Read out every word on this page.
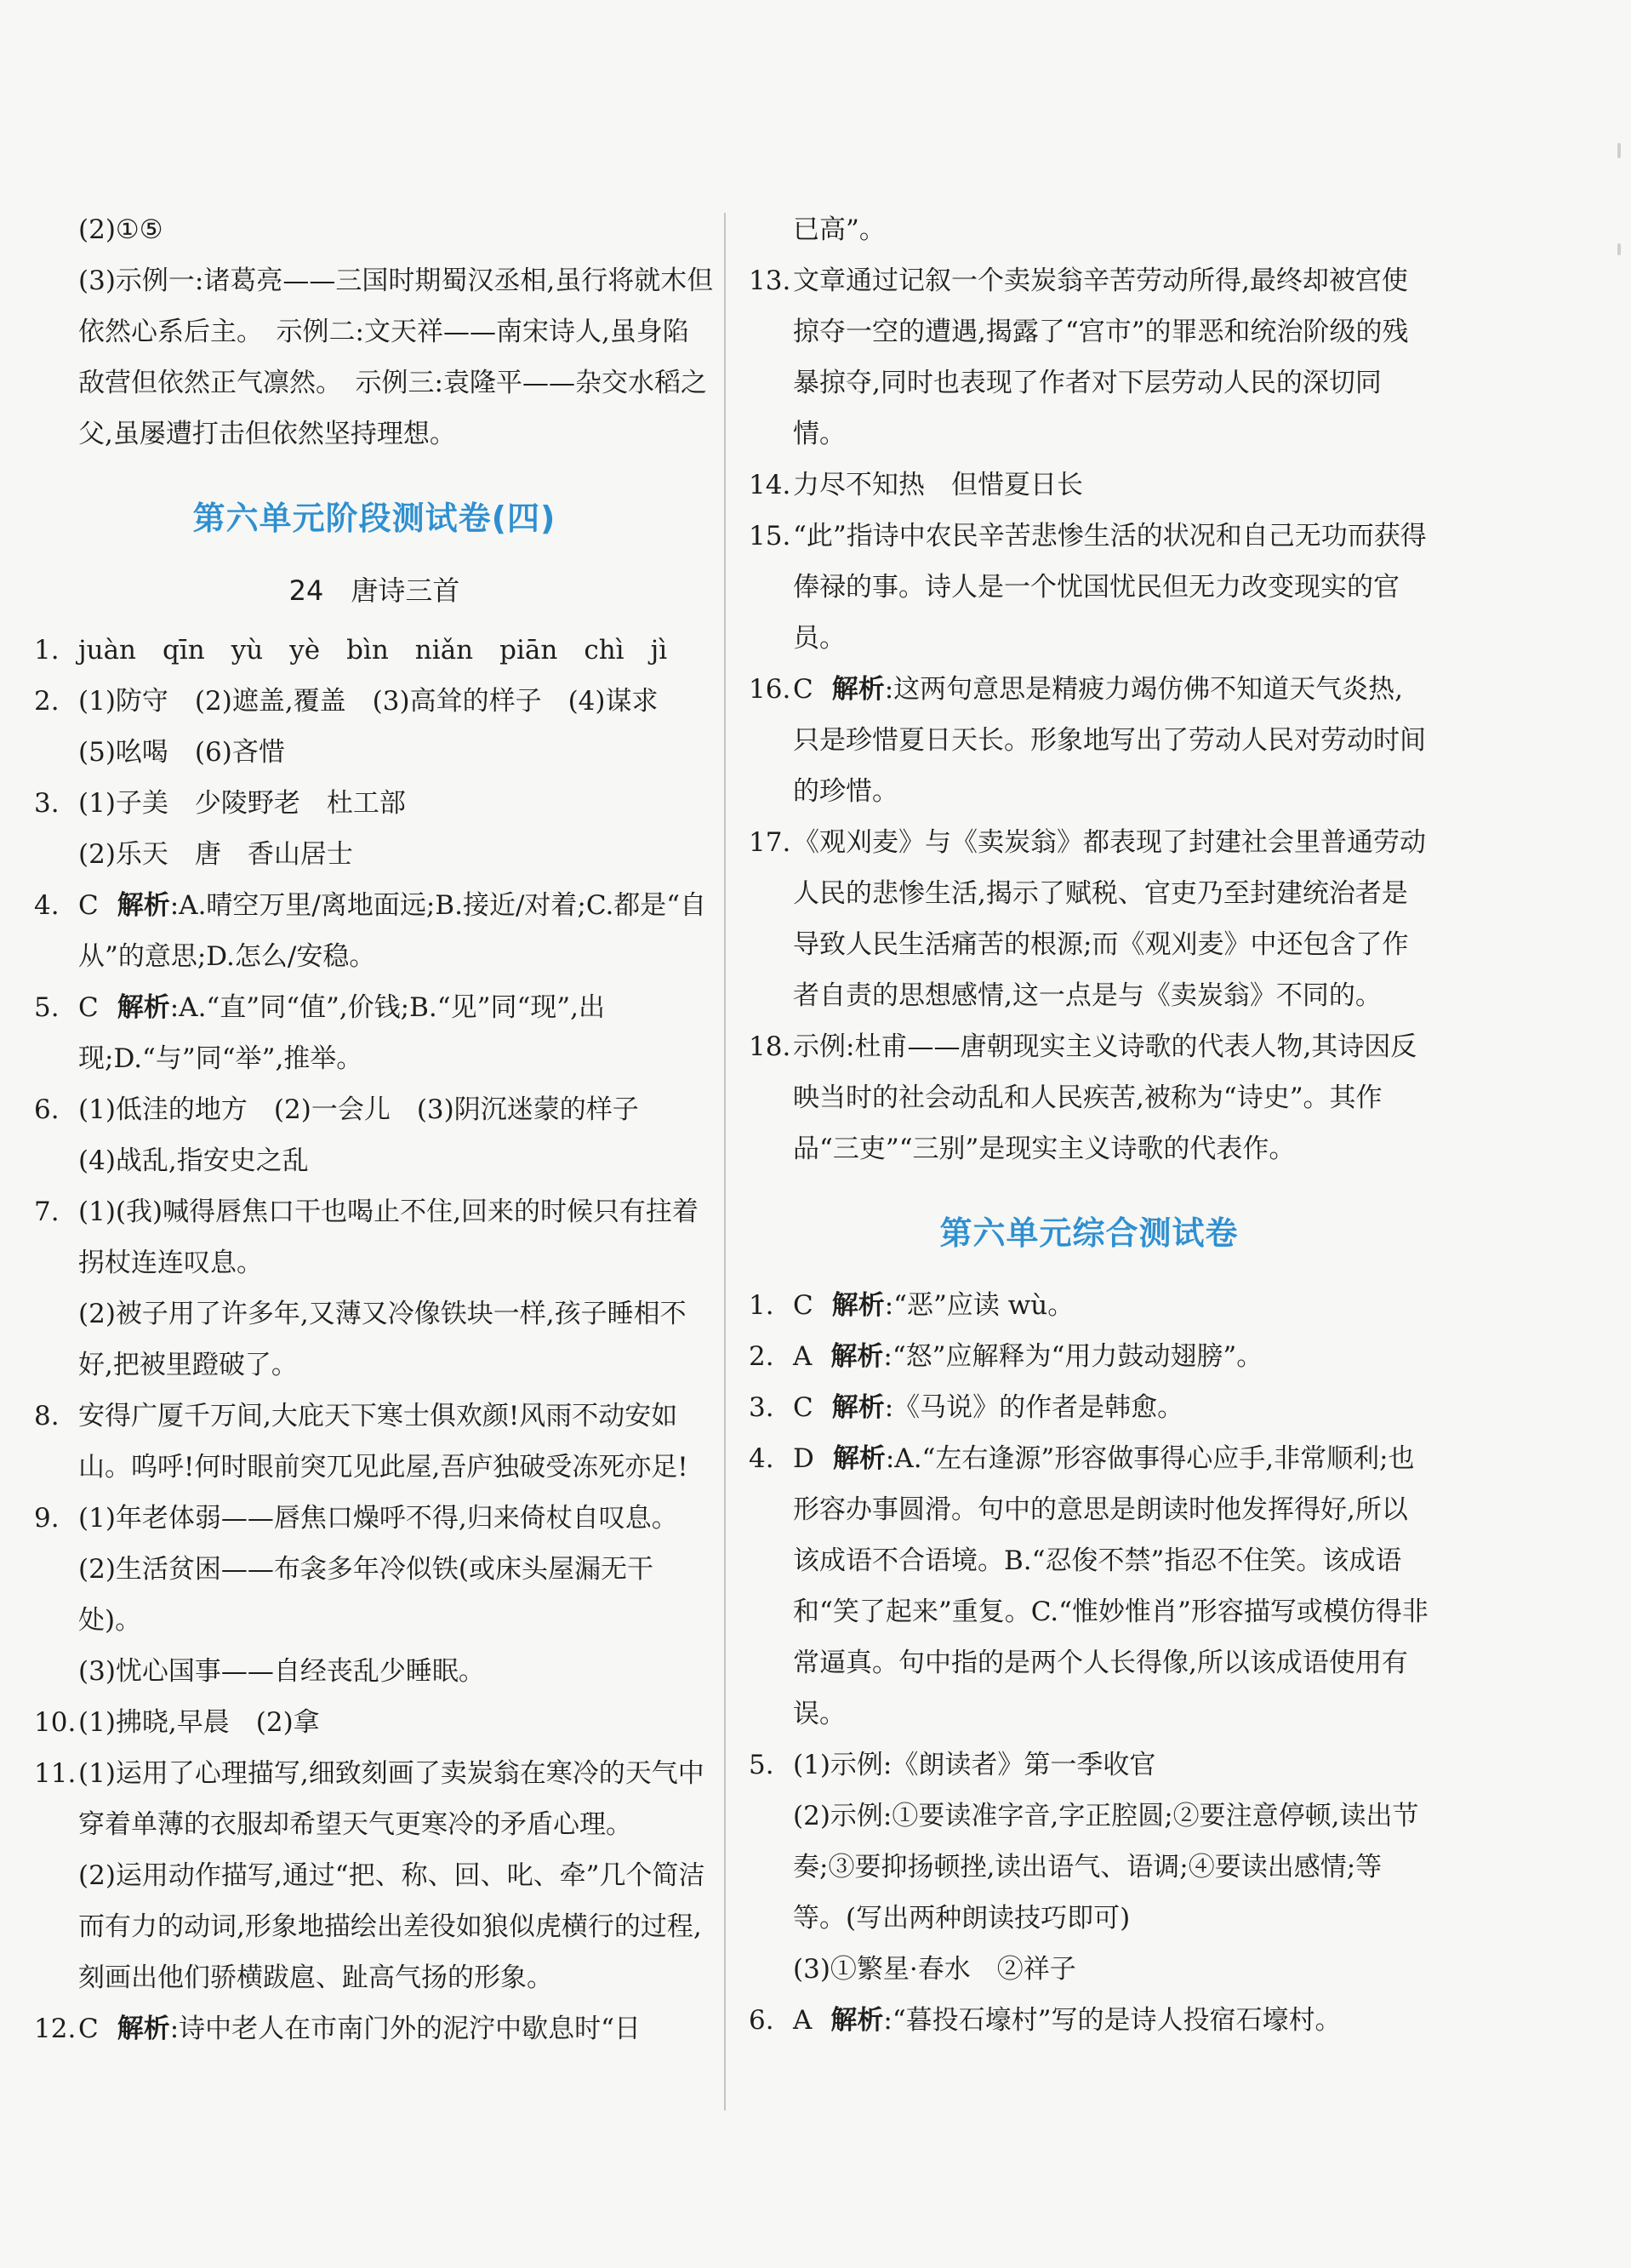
(2)①⑤
(3)示例一:诸葛亮——三国时期蜀汉丞相,虽行将就木但依然心系后主。　示例二:文天祥——南宋诗人,虽身陷敌营但依然正气凛然。　示例三:袁隆平——杂交水稻之父,虽屡遭打击但依然坚持理想。
第六单元阶段测试卷(四)
24　唐诗三首
1. juàn　qīn　yù　yè　bìn　niǎn　piān　chì　jì
2. (1)防守　(2)遮盖,覆盖　(3)高耸的样子　(4)谋求
(5)吆喝　(6)吝惜
3. (1)子美　少陵野老　杜工部
(2)乐天　唐　香山居士
4. C 解析:A.晴空万里/离地面远;B.接近/对着;C.都是“自从”的意思;D.怎么/安稳。
5. C 解析:A.“直”同“值”,价钱;B.“见”同“现”,出现;D.“与”同“举”,推举。
6. (1)低洼的地方　(2)一会儿　(3)阴沉迷蒙的样子
(4)战乱,指安史之乱
7. (1)(我)喊得唇焦口干也喝止不住,回来的时候只有拄着拐杖连连叹息。
(2)被子用了许多年,又薄又冷像铁块一样,孩子睡相不好,把被里蹬破了。
8. 安得广厦千万间,大庇天下寒士俱欢颜!风雨不动安如山。呜呼!何时眼前突兀见此屋,吾庐独破受冻死亦足!
9. (1)年老体弱——唇焦口燥呼不得,归来倚杖自叹息。
(2)生活贫困——布衾多年冷似铁(或床头屋漏无干处)。
(3)忧心国事——自经丧乱少睡眠。
10. (1)拂晓,早晨　(2)拿
11. (1)运用了心理描写,细致刻画了卖炭翁在寒冷的天气中穿着单薄的衣服却希望天气更寒冷的矛盾心理。
(2)运用动作描写,通过“把、称、回、叱、牵”几个简洁而有力的动词,形象地描绘出差役如狼似虎横行的过程,刻画出他们骄横跋扈、趾高气扬的形象。
12. C 解析:诗中老人在市南门外的泥泞中歇息时“日
已高”。
13. 文章通过记叙一个卖炭翁辛苦劳动所得,最终却被宫使掠夺一空的遭遇,揭露了“宫市”的罪恶和统治阶级的残暴掠夺,同时也表现了作者对下层劳动人民的深切同情。
14. 力尽不知热　但惜夏日长
15. “此”指诗中农民辛苦悲惨生活的状况和自己无功而获得俸禄的事。诗人是一个忧国忧民但无力改变现实的官员。
16. C 解析:这两句意思是精疲力竭仿佛不知道天气炎热,只是珍惜夏日天长。形象地写出了劳动人民对劳动时间的珍惜。
17. 《观刈麦》与《卖炭翁》都表现了封建社会里普通劳动人民的悲惨生活,揭示了赋税、官吏乃至封建统治者是导致人民生活痛苦的根源;而《观刈麦》中还包含了作者自责的思想感情,这一点是与《卖炭翁》不同的。
18. 示例:杜甫——唐朝现实主义诗歌的代表人物,其诗因反映当时的社会动乱和人民疾苦,被称为“诗史”。其作品“三吏”“三别”是现实主义诗歌的代表作。
第六单元综合测试卷
1. C 解析:“恶”应读 wù。
2. A 解析:“怒”应解释为“用力鼓动翅膀”。
3. C 解析:《马说》的作者是韩愈。
4. D 解析:A.“左右逢源”形容做事得心应手,非常顺利;也形容办事圆滑。句中的意思是朗读时他发挥得好,所以该成语不合语境。B.“忍俊不禁”指忍不住笑。该成语和“笑了起来”重复。C.“惟妙惟肖”形容描写或模仿得非常逼真。句中指的是两个人长得像,所以该成语使用有误。
5. (1)示例:《朗读者》第一季收官
(2)示例:①要读准字音,字正腔圆;②要注意停顿,读出节奏;③要抑扬顿挫,读出语气、语调;④要读出感情;等等。(写出两种朗读技巧即可)
(3)①繁星·春水　②祥子
6. A 解析:“暮投石壕村”写的是诗人投宿石壕村。
